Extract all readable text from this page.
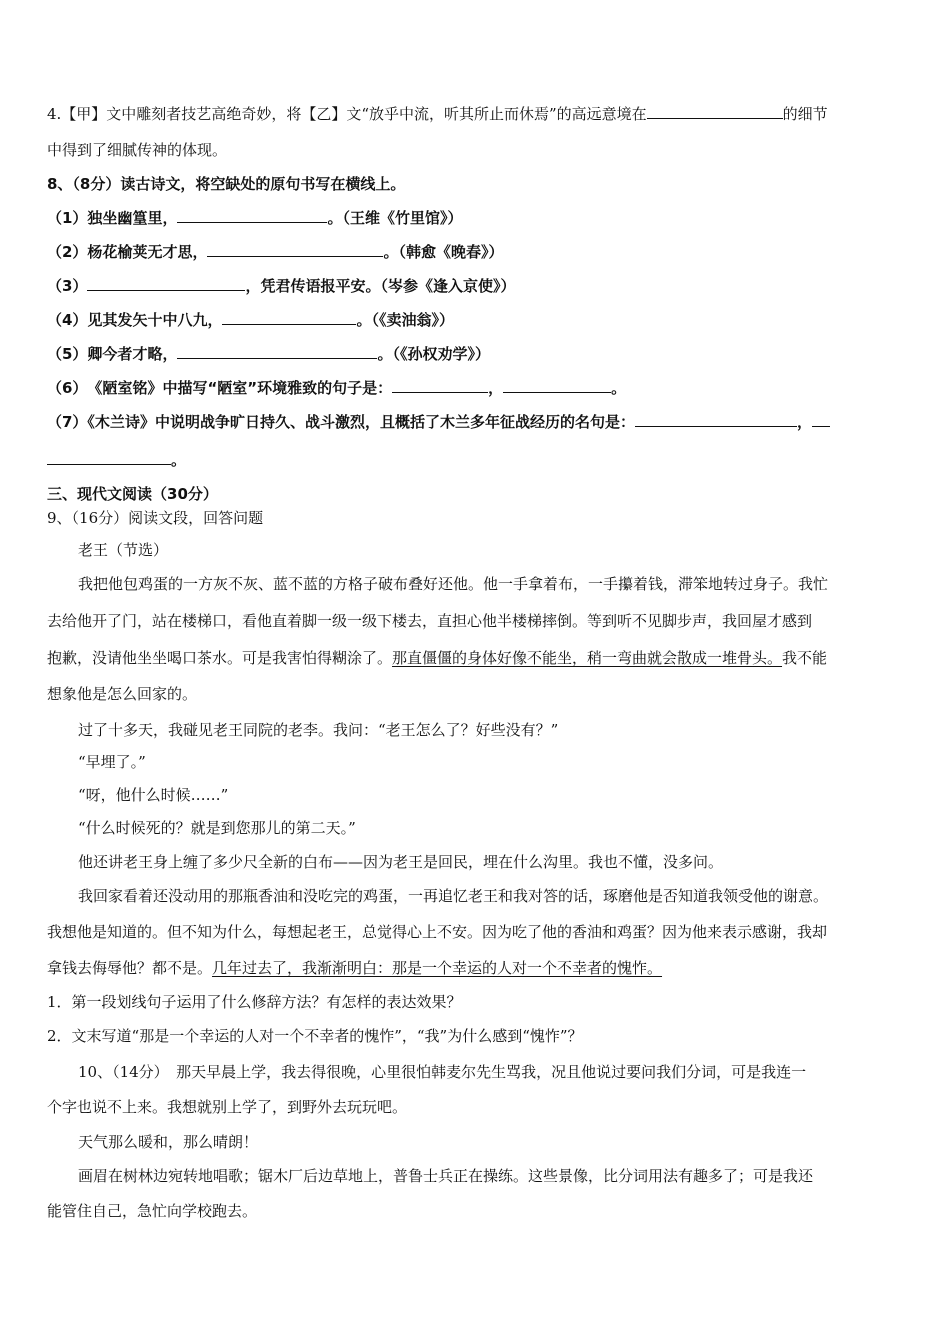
4.【甲】文中雕刻者技艺高绝奇妙，将【乙】文“放乎中流，听其所止而休焉”的高远意境在	的细节
中得到了细腻传神的体现。
8、（8分）读古诗文，将空缺处的原句书写在横线上。
（1）独坐幽篁里，	。（王维《竹里馆》）
（2）杨花榆荚无才思，	。（韩愈《晚春》）
（3）	，凭君传语报平安。（岑参《逢入京使》）
（4）见其发矢十中八九，	。（《卖油翁》）
（5）卿今者才略，	。（《孙权劝学》）
（6）　《陋室铭》中描写“陋室”环境雅致的句子是：	，	。
（7）《木兰诗》中说明战争旷日持久、战斗激烈，且概括了木兰多年征战经历的名句是：	，
。
三、现代文阅读（30分）
9、（16分）阅读文段，回答问题
老王（节选）
我把他包鸡蛋的一方灰不灰、蓝不蓝的方格子破布叠好还他。他一手拿着布，一手攥着钱，滞笨地转过身子。我忙
去给他开了门，站在楼梯口，看他直着脚一级一级下楼去，直担心他半楼梯摔倒。等到听不见脚步声，我回屋才感到
抱歉，没请他坐坐喝口茶水。可是我害怕得糊涂了。那直僵僵的身体好像不能坐，稍一弯曲就会散成一堆骨头。我不能
想象他是怎么回家的。
过了十多天，我碰见老王同院的老李。我问：“老王怎么了？好些没有？”
“早埋了。”
“呀，他什么时候……”
“什么时候死的？就是到您那儿的第二天。”
他还讲老王身上缠了多少尺全新的白布——因为老王是回民，埋在什么沟里。我也不懂，没多问。
我回家看着还没动用的那瓶香油和没吃完的鸡蛋，一再追忆老王和我对答的话，琢磨他是否知道我领受他的谢意。
我想他是知道的。但不知为什么，每想起老王，总觉得心上不安。因为吃了他的香油和鸡蛋？因为他来表示感谢，我却
拿钱去侮辱他？都不是。几年过去了，我渐渐明白：那是一个幸运的人对一个不幸者的愧怍。
1．第一段划线句子运用了什么修辞方法？有怎样的表达效果？
2．文末写道“那是一个幸运的人对一个不幸者的愧怍”，“我”为什么感到“愧怍”？
10、（14分）　那天早晨上学，我去得很晚，心里很怕韩麦尔先生骂我，况且他说过要问我们分词，可是我连一
个字也说不上来。我想就别上学了，到野外去玩玩吧。
天气那么暖和，那么晴朗！
画眉在树林边宛转地唱歌；锯木厂后边草地上，普鲁士兵正在操练。这些景像，比分词用法有趣多了；可是我还
能管住自己，急忙向学校跑去。
